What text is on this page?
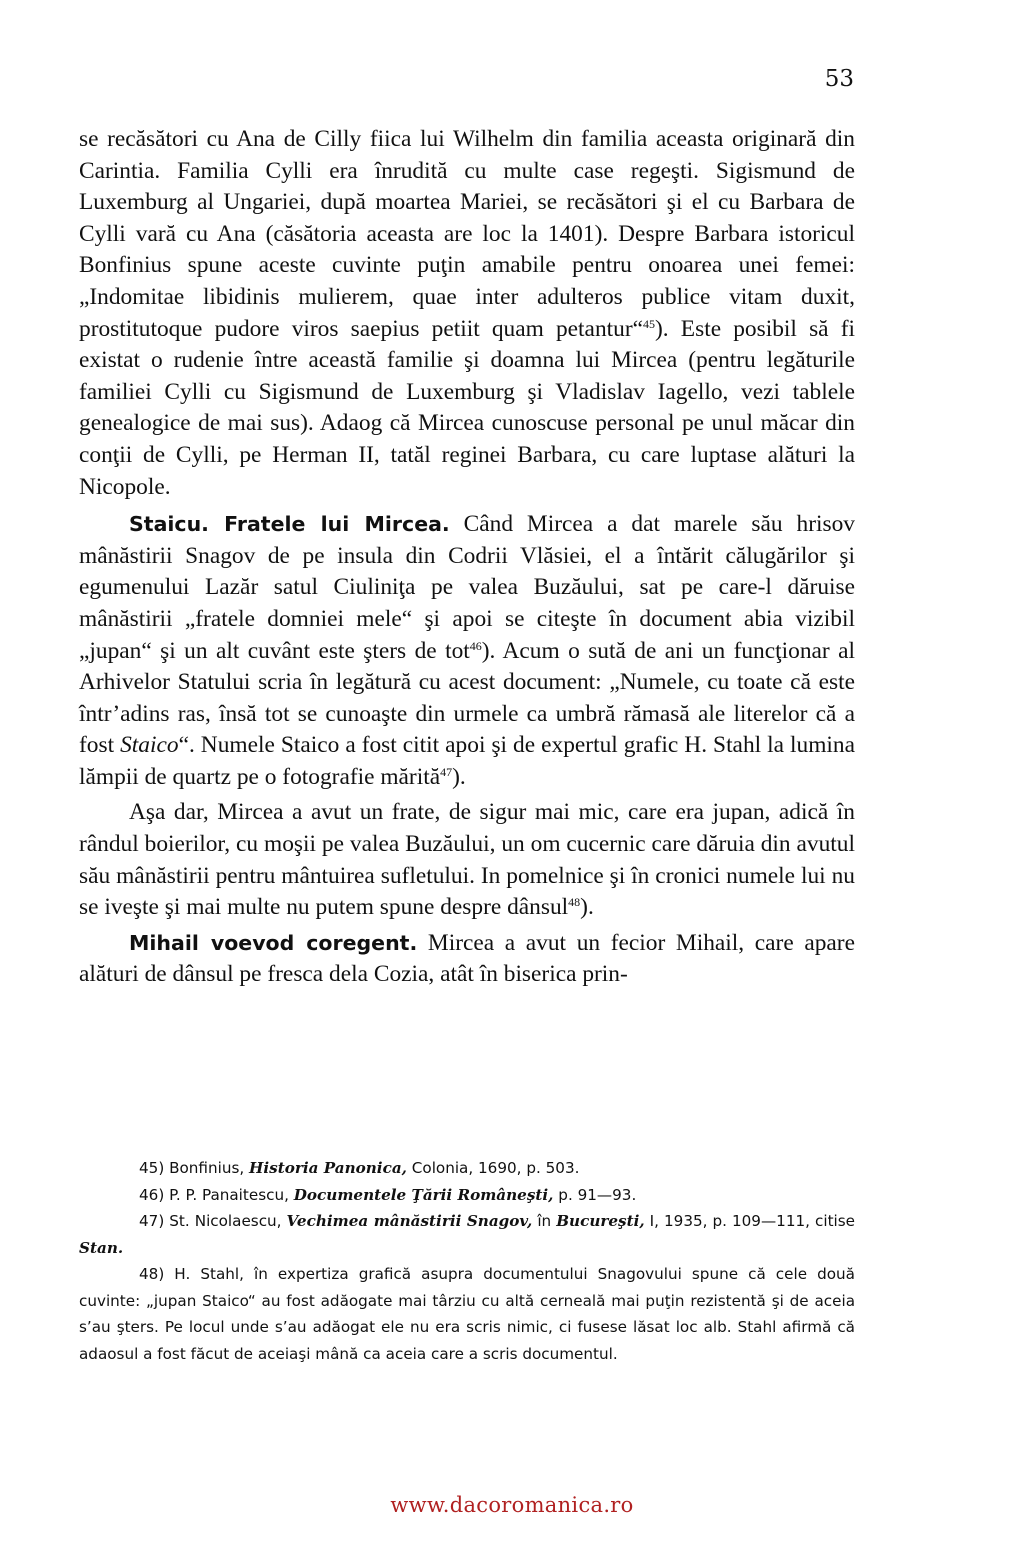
53

se recăsători cu Ana de Cilly fiica lui Wilhelm din familia aceasta originară din Carintia. Familia Cylli era înrudită cu multe case regeşti. Sigismund de Luxemburg al Ungariei, după moartea Mariei, se recăsători şi el cu Barbara de Cylli vară cu Ana (căsătoria aceasta are loc la 1401). Despre Barbara istoricul Bonfinius spune aceste cuvinte puţin amabile pentru onoarea unei femei: „Indomitae libidinis mulierem, quae inter adulteros publice vitam duxit, prostitutoque pudore viros saepius petiit quam petantur“$^{45}$). Este posibil să fi existat o rudenie între această familie şi doamna lui Mircea (pentru legăturile familiei Cylli cu Sigismund de Luxemburg şi Vladislav Iagello, vezi tablele genealogice de mai sus). Adaog că Mircea cunoscuse personal pe unul măcar din conţii de Cylli, pe Herman II, tatăl reginei Barbara, cu care luptase alături la Nicopole.

Staicu. Fratele lui Mircea. Când Mircea a dat marele său hrisov mânăstirii Snagov de pe insula din Codrii Vlăsiei, el a întărit călugărilor şi egumenului Lazăr satul Ciuliniţa pe valea Buzăului, sat pe care-l dăruise mânăstirii „fratele domniei mele“ şi apoi se citeşte în document abia vizibil „jupan“ şi un alt cuvânt este şters de tot$^{46}$). Acum o sută de ani un funcţionar al Arhivelor Statului scria în legătură cu acest document: „Numele, cu toate că este într’adins ras, însă tot se cunoaşte din urmele ca umbră rămasă ale literelor că a fost Staico“. Numele Staico a fost citit apoi şi de expertul grafic H. Stahl la lumina lămpii de quartz pe o fotografie mărită$^{47}$).

Aşa dar, Mircea a avut un frate, de sigur mai mic, care era jupan, adică în rândul boierilor, cu moşii pe valea Buzăului, un om cucernic care dăruia din avutul său mânăstirii pentru mântuirea sufletului. In pomelnice şi în cronici numele lui nu se iveşte şi mai multe nu putem spune despre dânsul$^{48}$).

Mihail voevod coregent. Mircea a avut un fecior Mihail, care apare alături de dânsul pe fresca dela Cozia, atât în biserica prin-

45) Bonfinius, Historia Panonica, Colonia, 1690, p. 503.

46) P. P. Panaitescu, Documentele Ţării Româneşti, p. 91—93.

47) St. Nicolaescu, Vechimea mânăstirii Snagov, în Bucureşti, I, 1935, p. 109—111, citise Stan.

48) H. Stahl, în expertiza grafică asupra documentului Snagovului spune că cele două cuvinte: „jupan Staico“ au fost adăogate mai târziu cu altă cerneală mai puţin rezistentă şi de aceia s’au şters. Pe locul unde s’au adăogat ele nu era scris nimic, ci fusese lăsat loc alb. Stahl afirmă că adaosul a fost făcut de aceiaşi mână ca aceia care a scris documentul.

www.dacoromanica.ro
